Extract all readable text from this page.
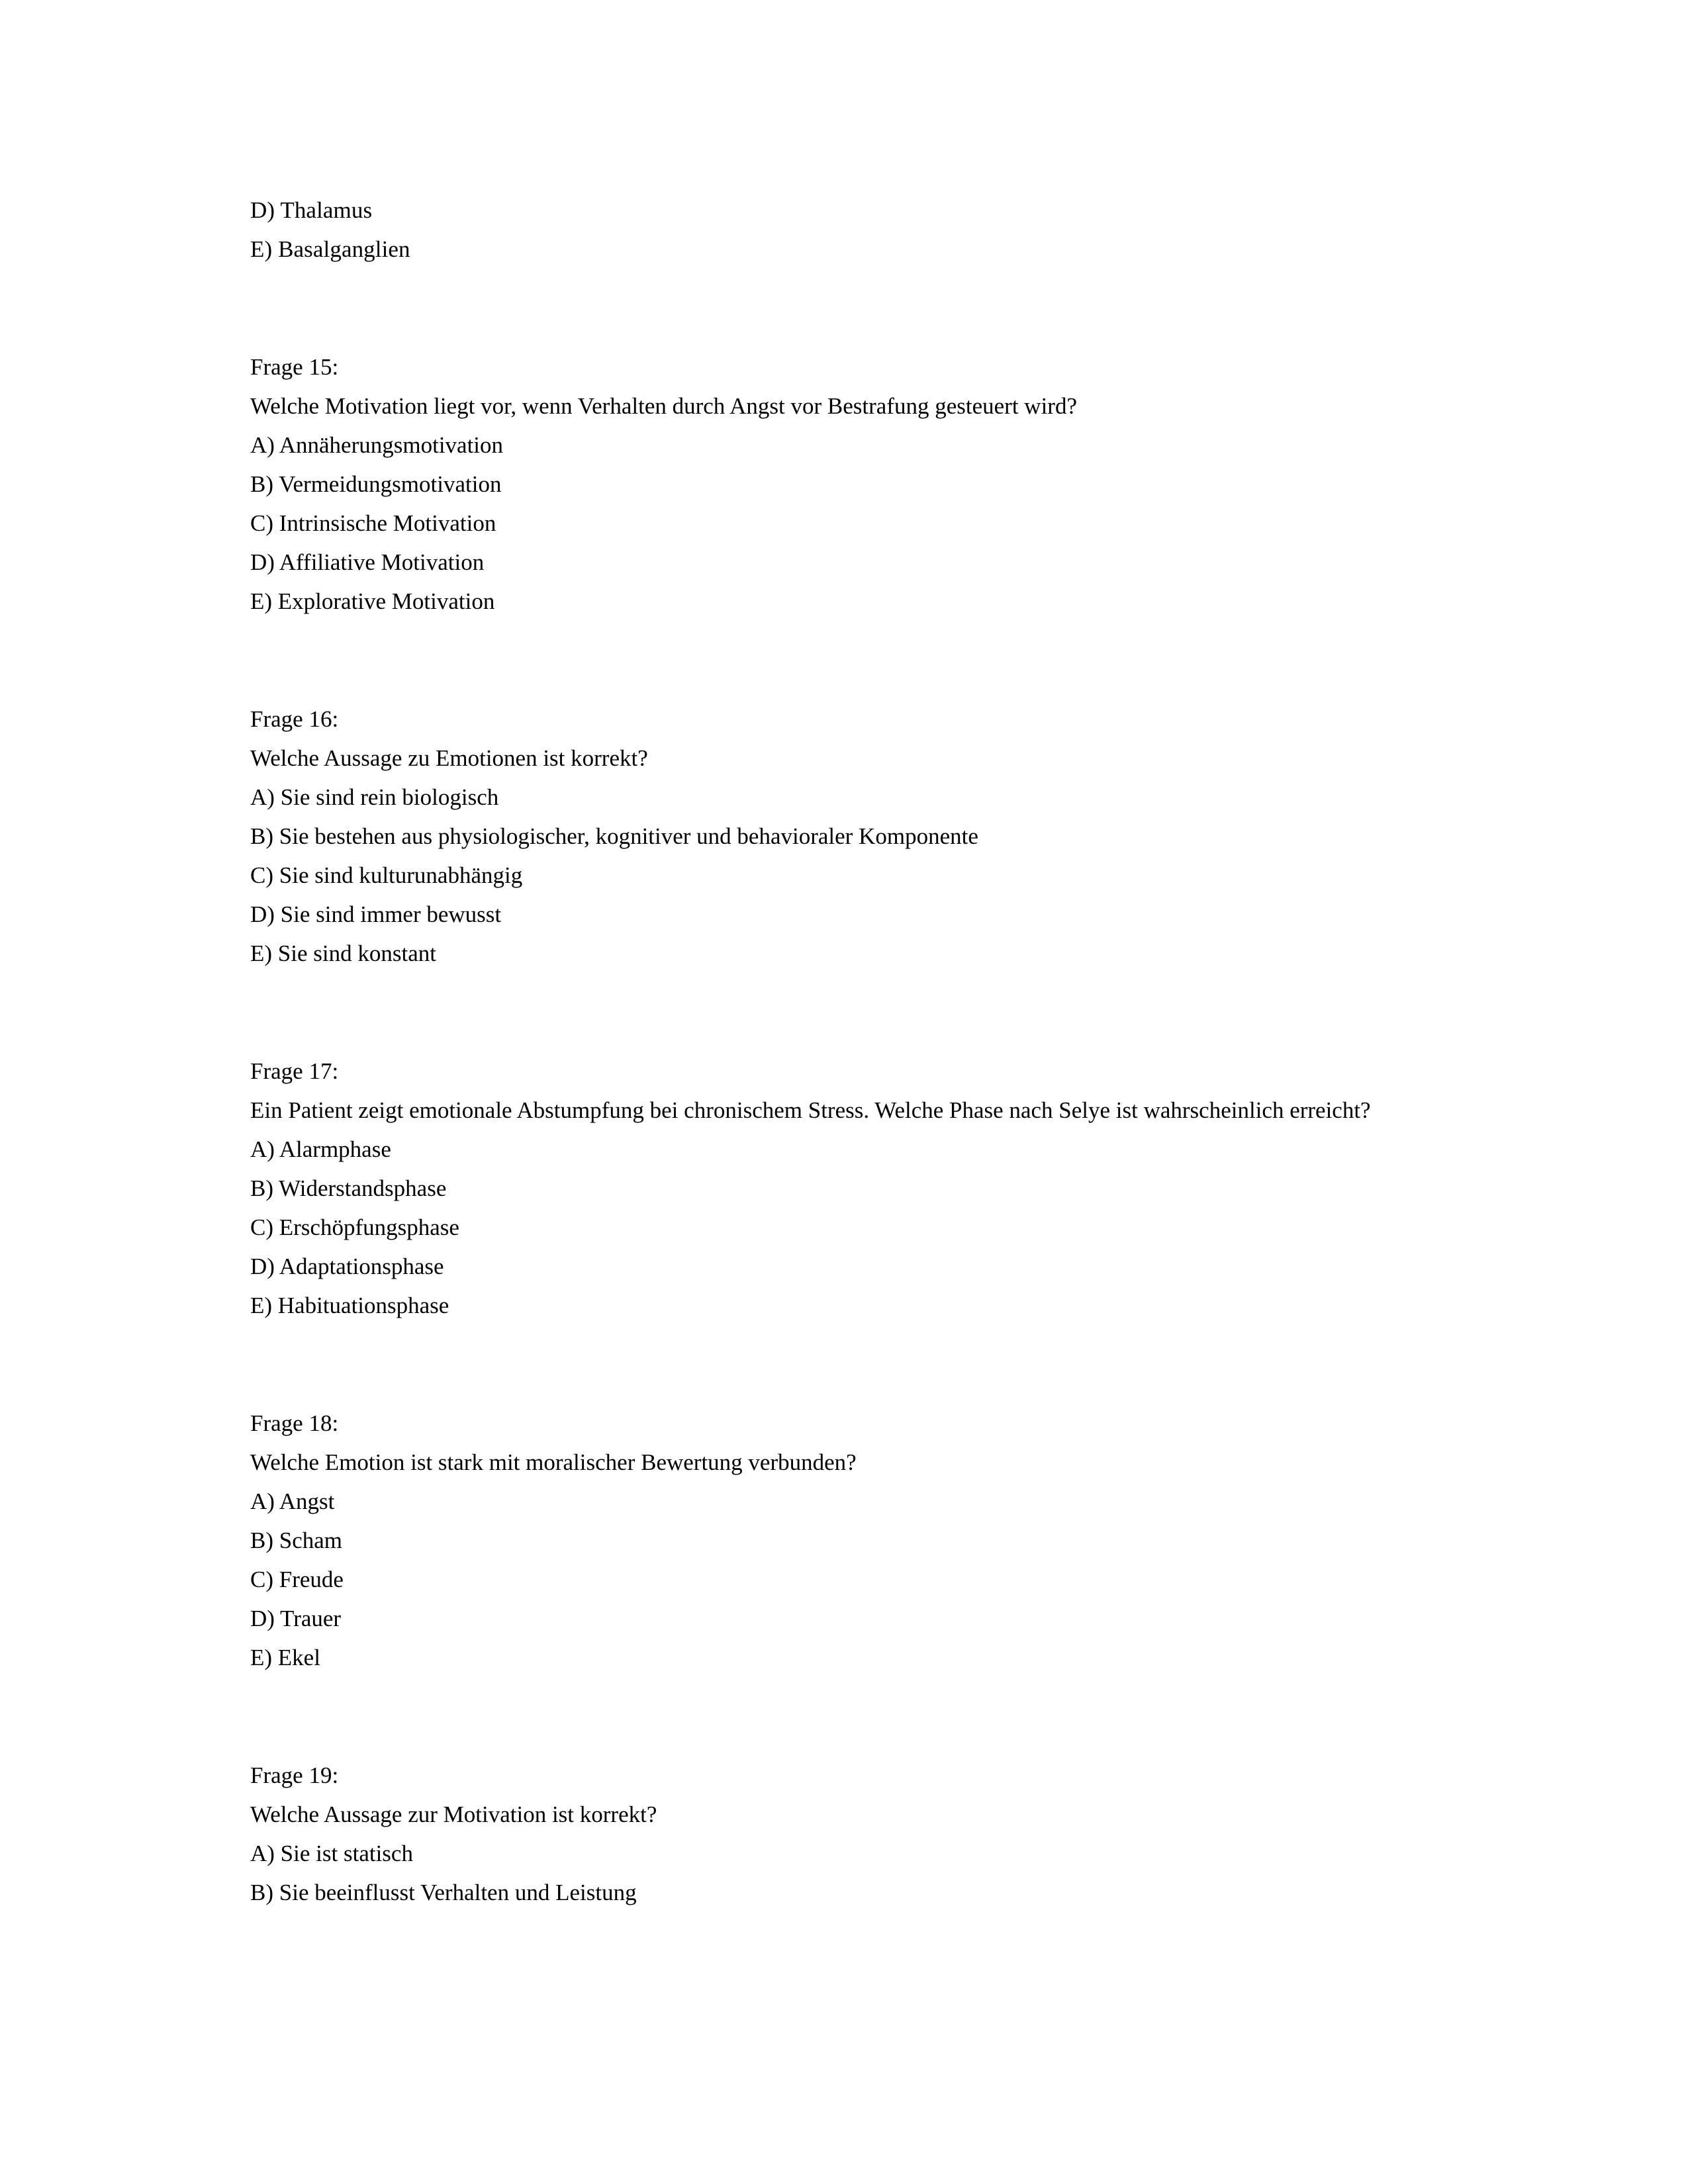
D) Thalamus

E) Basalganglien

Frage 15:

Welche Motivation liegt vor, wenn Verhalten durch Angst vor Bestrafung gesteuert wird?

A) Annäherungsmotivation

B) Vermeidungsmotivation

C) Intrinsische Motivation

D) Affiliative Motivation

E) Explorative Motivation

Frage 16:

Welche Aussage zu Emotionen ist korrekt?

A) Sie sind rein biologisch

B) Sie bestehen aus physiologischer, kognitiver und behavioraler Komponente

C) Sie sind kulturunabhängig

D) Sie sind immer bewusst

E) Sie sind konstant

Frage 17:

Ein Patient zeigt emotionale Abstumpfung bei chronischem Stress. Welche Phase nach Selye ist wahrscheinlich erreicht?

A) Alarmphase

B) Widerstandsphase

C) Erschöpfungsphase

D) Adaptationsphase

E) Habituationsphase

Frage 18:

Welche Emotion ist stark mit moralischer Bewertung verbunden?

A) Angst

B) Scham

C) Freude

D) Trauer

E) Ekel

Frage 19:

Welche Aussage zur Motivation ist korrekt?

A) Sie ist statisch

B) Sie beeinflusst Verhalten und Leistung
